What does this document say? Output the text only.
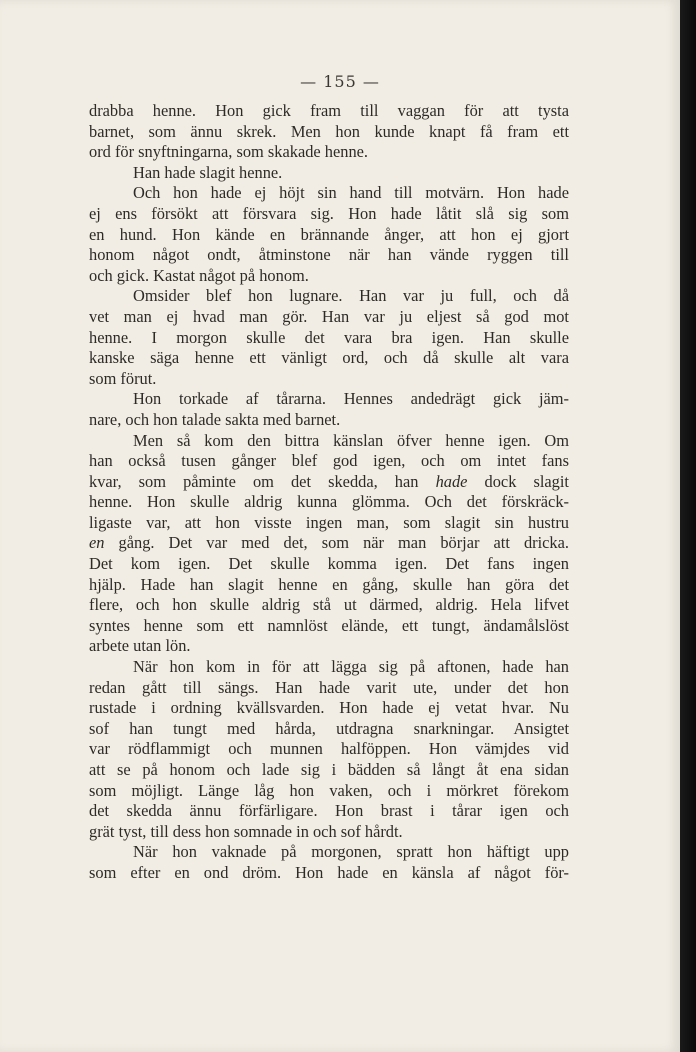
— 155 —
drabba henne. Hon gick fram till vaggan för att tysta
barnet, som ännu skrek. Men hon kunde knapt få fram ett
ord för snyftningarna, som skakade henne.
Han hade slagit henne.
Och hon hade ej höjt sin hand till motvärn. Hon hade
ej ens försökt att försvara sig. Hon hade låtit slå sig som
en hund. Hon kände en brännande ånger, att hon ej gjort
honom något ondt, åtminstone när han vände ryggen till
och gick. Kastat något på honom.
Omsider blef hon lugnare. Han var ju full, och då
vet man ej hvad man gör. Han var ju eljest så god mot
henne. I morgon skulle det vara bra igen. Han skulle
kanske säga henne ett vänligt ord, och då skulle alt vara
som förut.
Hon torkade af tårarna. Hennes andedrägt gick jäm-
nare, och hon talade sakta med barnet.
Men så kom den bittra känslan öfver henne igen. Om
han också tusen gånger blef god igen, och om intet fans
kvar, som påminte om det skedda, han hade dock slagit
henne. Hon skulle aldrig kunna glömma. Och det förskräck-
ligaste var, att hon visste ingen man, som slagit sin hustru
en gång. Det var med det, som när man börjar att dricka.
Det kom igen. Det skulle komma igen. Det fans ingen
hjälp. Hade han slagit henne en gång, skulle han göra det
flere, och hon skulle aldrig stå ut därmed, aldrig. Hela lifvet
syntes henne som ett namnlöst elände, ett tungt, ändamålslöst
arbete utan lön.
När hon kom in för att lägga sig på aftonen, hade han
redan gått till sängs. Han hade varit ute, under det hon
rustade i ordning kvällsvarden. Hon hade ej vetat hvar. Nu
sof han tungt med hårda, utdragna snarkningar. Ansigtet
var rödflammigt och munnen halföppen. Hon vämjdes vid
att se på honom och lade sig i bädden så långt åt ena sidan
som möjligt. Länge låg hon vaken, och i mörkret förekom
det skedda ännu förfärligare. Hon brast i tårar igen och
grät tyst, till dess hon somnade in och sof hårdt.
När hon vaknade på morgonen, spratt hon häftigt upp
som efter en ond dröm. Hon hade en känsla af något för-
